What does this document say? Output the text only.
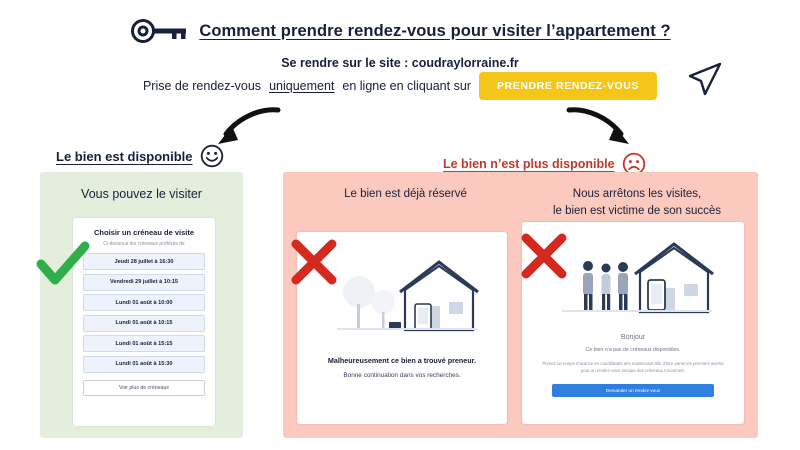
Comment prendre rendez-vous pour visiter l’appartement ?
Se rendre sur le site : coudraylorraine.fr
Prise de rendez-vous uniquement en ligne en cliquant sur	PRENDRE RENDEZ-VOUS
Le bien est disponible
Le bien n’est plus disponible
Vous pouvez le visiter	Le bien est déjà réservé	Nous arrêtons les visites,
le bien est victime de son succès
Choisir un créneau de visite
Ci-dessous les créneaux préférés de
Jeudi 28 juillet à 16:30
Vendredi 29 juillet à 10:15
Lundi 01 août à 10:00
Lundi 01 août à 10:15
Lundi 01 août à 15:15
Lundi 01 août à 15:30
Voir plus de créneaux
Malheureusement ce bien a trouvé preneur.
Bonne continuation dans vos recherches.
Bonjour
Ce bien n’a pas de créneaux disponibles.
Prenez un temps d’avance en candidatant dès maintenant afin d’être parmi les premiers avertis pour un rendez-vous lorsque des créneaux s’ouvriront.
Demander un rendez-vous
